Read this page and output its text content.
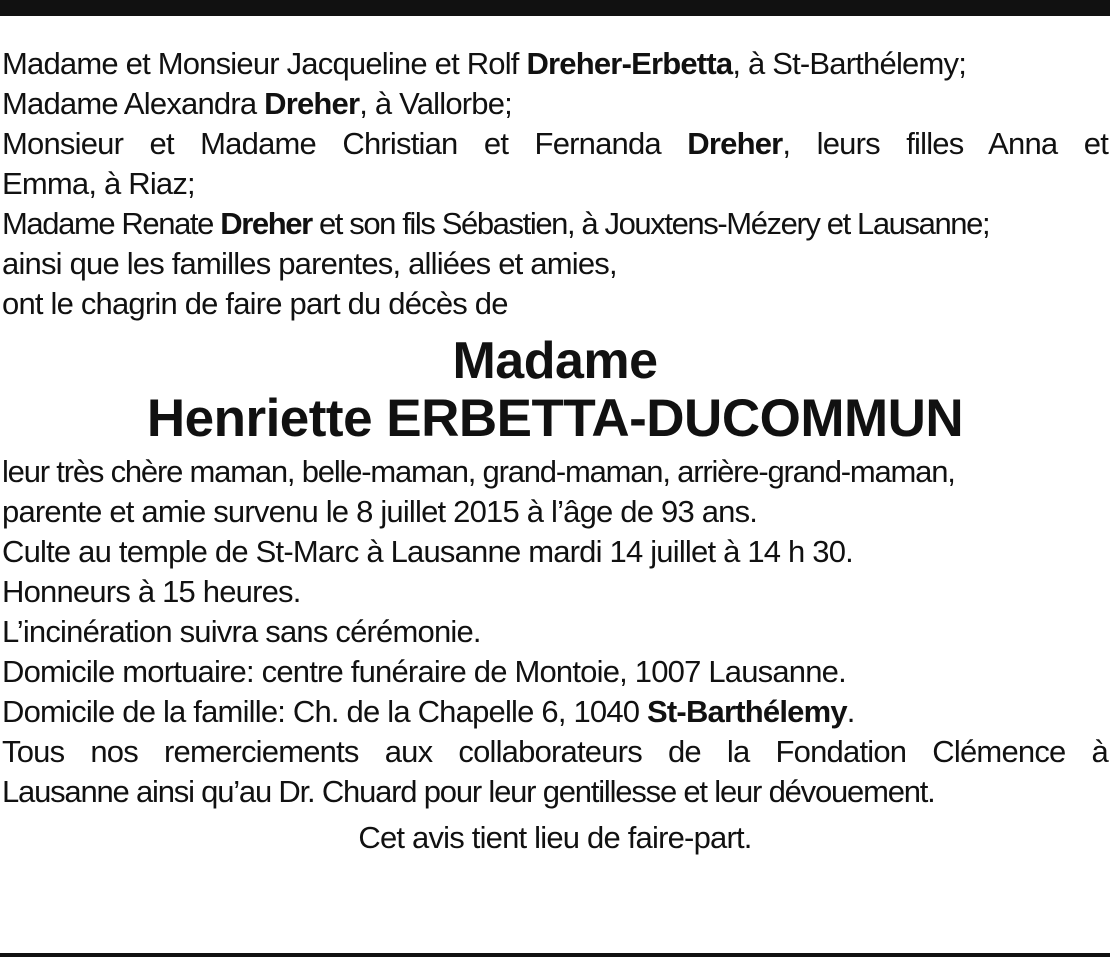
Madame et Monsieur Jacqueline et Rolf Dreher-Erbetta, à St-Barthélemy;
Madame Alexandra Dreher, à Vallorbe;
Monsieur et Madame Christian et Fernanda Dreher, leurs filles Anna et
Emma, à Riaz;
Madame Renate Dreher et son fils Sébastien, à Jouxtens-Mézery et Lausanne;
ainsi que les familles parentes, alliées et amies,
ont le chagrin de faire part du décès de
Madame
Henriette ERBETTA-DUCOMMUN
leur très chère maman, belle-maman, grand-maman, arrière-grand-maman,
parente et amie survenu le 8 juillet 2015 à l’âge de 93 ans.
Culte au temple de St-Marc à Lausanne mardi 14 juillet à 14 h 30.
Honneurs à 15 heures.
L’incinération suivra sans cérémonie.
Domicile mortuaire: centre funéraire de Montoie, 1007 Lausanne.
Domicile de la famille: Ch. de la Chapelle 6, 1040 St-Barthélemy.
Tous nos remerciements aux collaborateurs de la Fondation Clémence à
Lausanne ainsi qu’au Dr. Chuard pour leur gentillesse et leur dévouement.
Cet avis tient lieu de faire-part.
